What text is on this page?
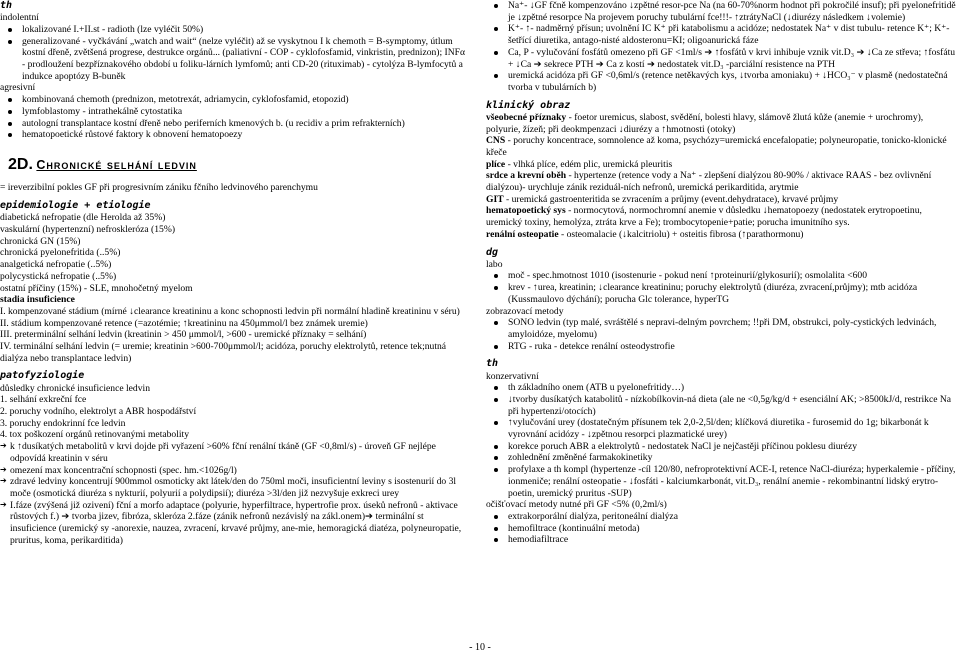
th

indolentní

lokalizované I.+II.st - radioth (lze vyléčit 50%)

generalizované - vyčkávání „watch and wait“ (nelze vyléčit) až se vyskytnou I k chemoth = B-symptomy, útlum kostní dřeně, zvětšená progrese, destrukce orgánů... (paliativní - COP - cyklofosfamid, vinkristin, prednizon); INFα - prodloužení bezpříznakového období u foliku-lárních lymfomů; anti CD-20 (rituximab) - cytolýza B-lymfocytů a indukce apoptózy B-buněk

agresivní

kombinovaná chemoth (prednizon, metotrexát, adriamycin, cyklofosfamid, etopozid)

lymfoblastomy - intrathekálně cytostatika

autologní transplantace kostní dřeně nebo periferních kmenových b. (u recidiv a prim refrakterních)

hematopoetické růstové faktory k obnovení hematopoezy

2D. Chronické selhání ledvin

= ireverzibilní pokles GF při progresivním zániku fčního ledvinového parenchymu

epidemiologie + etiologie

diabetická nefropatie (dle Herolda až 35%)

vaskulární (hypertenzní) nefroskleróza (15%)

chronická GN (15%)

chronická pyelonefritida (..5%)

analgetická nefropatie (..5%)

polycystická nefropatie (..5%)

ostatní příčiny (15%) - SLE, mnohočetný myelom

stadia insuficience

I. kompenzované stádium (mírné ↓clearance kreatininu a konc schopnosti ledvin při normální hladině kreatininu v séru)

II. stádium kompenzované retence (=azotémie; ↑kreatininu na 450μmmol/l bez známek uremie)

III. preterminální selhání ledvin (kreatinin > 450 μmmol/l, >600 - uremické příznaky = selhání)

IV. terminální selhání ledvin (= uremie; kreatinin >600-700μmmol/l; acidóza, poruchy elektrolytů, retence tek;nutná dialýza nebo transplantace ledvin)

patofyziologie

důsledky chronické insuficience ledvin

1. selhání exkreční fce

2. poruchy vodního, elektrolyt a ABR hospodářství

3. poruchy endokrinní fce ledvin

4. tox poškození orgánů retinovanými metabolity

➔ k ↑dusíkatých metabolitů v krvi dojde při vyřazení >60% fční renální tkáně (GF <0,8ml/s) - úroveň GF nejlépe odpovídá kreatinin v séru

➔ omezení max koncentrační schopnosti (spec. hm.<1026g/l)

➔ zdravé ledviny koncentrují 900mmol osmoticky akt látek/den do 750ml moči, insuficientní leviny s isostenurií do 3l moče (osmotická diuréza s nykturií, polyurií a polydipsií); diuréza >3l/den již nezvyšuje exkreci urey

➔ I.fáze (zvýšená již ozivení) fční a morfo adaptace (polyurie, hyperfiltrace, hypertrofie prox. úseků nefronů - aktivace růstových f.) ➔ tvorba jizev, fibróza, skleróza 2.fáze (zánik nefronů nezávislý na zákl.onem)➔ terminální st insuficience (uremický sy -anorexie, nauzea, zvracení, krvavé průjmy, ane-mie, hemoragická diatéza, polyneuropatie, pruritus, koma, perikarditida)

Na⁺- ↓GF fčně kompenzováno ↓zpětné resor-pce Na (na 60-70%norm hodnot při pokročilé insuf); při pyelonefritidě je ↓zpětné resorpce Na projevem poruchy tubulární fce!!!- ↑ztrátyNaCl (↓diurézy následkem ↓volemie)

K⁺- ↑- nadměrný přísun; uvolnění IC K⁺ při katabolismu a acidóze; nedostatek Na⁺ v dist tubulu- retence K⁺; K⁺-šetřící diuretika, antago-nisté aldosteronu=KI; oligoanurická fáze

Ca, P - vylučování fosfátů omezeno při GF <1ml/s ➔ ↑fosfátů v krvi inhibuje vznik vit.D₃ ➔ ↓Ca ze střeva; ↑fosfátu + ↓Ca ➔ sekrece PTH ➔ Ca z kostí ➔ nedostatek vit.D₃ -parciální resistence na PTH

uremická acidóza při GF <0,6ml/s (retence netěkavých kys, ↓tvorba amoniaku) + ↓HCO₃⁻ v plasmě (nedostatečná tvorba v tubulárních b)

klinický obraz

všeobecné příznaky - foetor uremicus, slabost, svědění, bolesti hlavy, slámově žlutá kůže (anemie + urochromy), polyurie, žízeň; při deokmpenzaci ↓diurézy a ↑hmotnosti (otoky)

CNS - poruchy koncentrace, somnolence až koma, psychózy=uremická encefalopatie; polyneuropatie, tonicko-klonické křeče

plíce - vlhká plíce, edém plic, uremická pleuritis

srdce a krevní oběh - hypertenze (retence vody a Na⁺ - zlepšení dialýzou 80-90% / aktivace RAAS - bez ovlivnění dialýzou)- urychluje zánik reziduál-ních nefronů, uremická perikarditida, arytmie

GIT - uremická gastroenteritida se zvracením a průjmy (event.dehydratace), krvavé průjmy

hematopoetický sys - normocytová, normochromní anemie v důsledku ↓hematopoezy (nedostatek erytropoetinu, uremický toxiny, hemolýza, ztráta krve a Fe); trombocytopenie+patie; porucha imunitního sys.

renální osteopatie - osteomalacie (↓kalcitriolu) + osteitis fibrosa (↑parathormonu)

dg

labo

moč - spec.hmotnost 1010 (isostenurie - pokud není ↑proteinurií/glykosurií); osmolalita <600

krev - ↑urea, kreatinin; ↓clearance kreatininu; poruchy elektrolytů (diuréza, zvracení,průjmy); mtb acidóza (Kussmaulovo dýchání); porucha Glc tolerance, hyperTG

zobrazovací metody

SONO ledvin (typ malé, svráštělé s nepravi-delným povrchem; !!při DM, obstrukci, poly-cystických ledvinách, amyloidóze, myelomu)

RTG - ruka - detekce renální osteodystrofie

th

konzervativní

th základního onem (ATB u pyelonefritidy…)

↓tvorby dusíkatých katabolitů - nízkobílkovin-ná dieta (ale ne <0,5g/kg/d + esenciální AK; >8500kJ/d, restrikce Na při hypertenzi/otocích)

↑vylučování urey (dostatečným přísunem tek 2,0-2,5l/den; klíčková diuretika - furosemid do 1g; bikarbonát k vyrovnání acidózy - ↓zpětnou resorpci plazmatické urey)

korekce poruch ABR a elektrolytů - nedostatek NaCl je nejčastěji příčinou poklesu diurézy

zohlednění změněné farmakokinetiky

profylaxe a th kompl (hypertenze -cíl 120/80, nefroprotektivní ACE-I, retence NaCl-diuréza; hyperkalemie - příčiny, ionmeniče; renální osteopatie - ↓fosfáti - kalciumkarbonát, vit.D₃, renální anemie - rekombinantní lidský erytro-poetin, uremický pruritus -SUP)

očišťovací metody nutné při GF <5% (0,2ml/s)

extrakorporální dialýza, peritoneální dialýza

hemofiltrace (kontinuální metoda)

hemodiafiltrace

- 10 -
